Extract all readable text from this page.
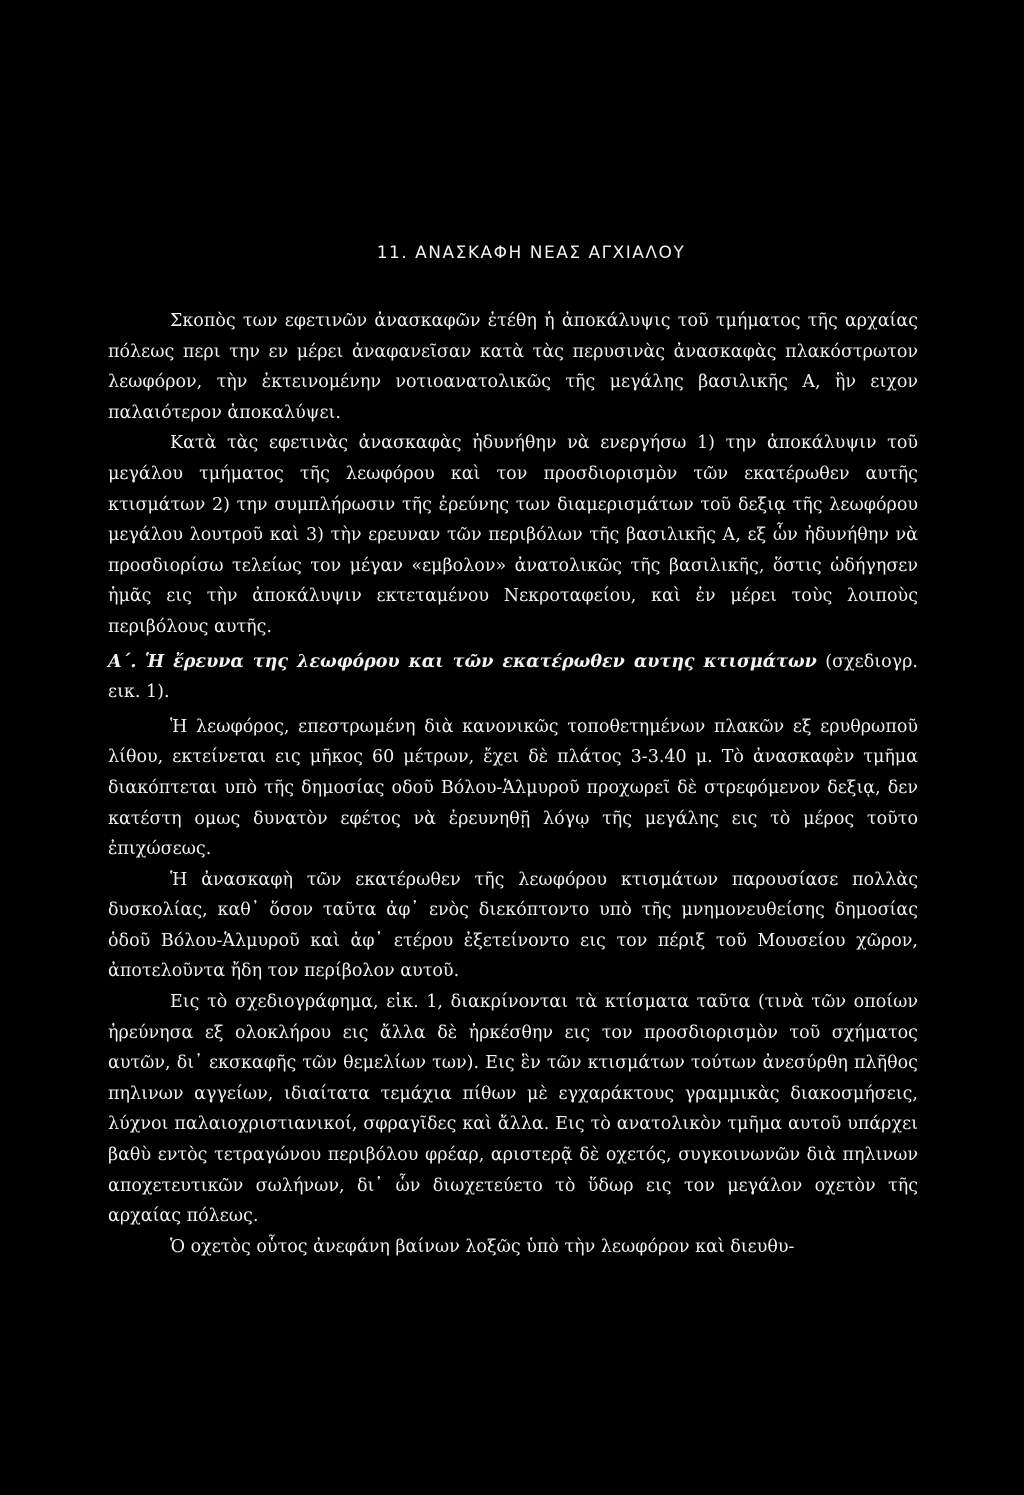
11. ΑΝΑΣΚΑΦΗ ΝΕΑΣ ΑΓΧΙΑΛΟΥ

Σκοπὸς των εφετινῶν ἀνασκαφῶν ἐτέθη ἡ ἀποκάλυψις τοῦ τμήματος τῆς αρχαίας πόλεως περι την εν μέρει ἀναφανεῖσαν κατὰ τὰς περυσινὰς ἀνασκαφὰς πλακόστρωτον λεωφόρον, τὴν ἐκτεινομένην νοτιοανατολικῶς τῆς μεγάλης βασιλικῆς Α, ἣν ειχον παλαιότερον ἀποκαλύψει.

Κατὰ τὰς εφετινὰς ἀνασκαφὰς ἠδυνήθην νὰ ενεργήσω 1) την ἀποκάλυψιν τοῦ μεγάλου τμήματος τῆς λεωφόρου καὶ τον προσδιορισμὸν τῶν εκατέρωθεν αυτῆς κτισμάτων 2) την συμπλήρωσιν τῆς ἐρεύνης των διαμερισμάτων τοῦ δεξιᾳ τῆς λεωφόρου μεγάλου λουτροῦ καὶ 3) τὴν ερευναν τῶν περιβόλων τῆς βασιλικῆς Α, εξ ὧν ἠδυνήθην νὰ προσδιορίσω τελείως τον μέγαν «εμβολον» ἀνατολικῶς τῆς βασιλικῆς, ὅστις ὡδήγησεν ἡμᾶς εις τὴν ἀποκάλυψιν εκτεταμένου Νεκροταφείου, καὶ ἐν μέρει τοὺς λοιποὺς περιβόλους αυτῆς.

Α΄. Ἡ ἔρευνα της λεωφόρου και τῶν εκατέρωθεν αυτης κτισμάτων (σχεδιογρ. εικ. 1).

Ἡ λεωφόρος, επεστρωμένη διὰ κανονικῶς τοποθετημένων πλακῶν εξ ερυθρωποῦ λίθου, εκτείνεται εις μῆκος 60 μέτρων, ἔχει δὲ πλάτος 3-3.40 μ. Τὸ ἀνασκαφὲν τμῆμα διακόπτεται υπὸ τῆς δημοσίας οδοῦ Βόλου-Ἁλμυροῦ προχωρεῖ δὲ στρεφόμενον δεξιᾳ, δεν κατέστη ομως δυνατὸν εφέτος νὰ ἐρευνηθῇ λόγῳ τῆς μεγάλης εις τὸ μέρος τοῦτο ἐπιχώσεως.

Ἡ ἀνασκαφὴ τῶν εκατέρωθεν τῆς λεωφόρου κτισμάτων παρουσίασε πολλὰς δυσκολίας, καθ᾽ ὅσον ταῦτα ἀφ᾽ ενὸς διεκόπτοντο υπὸ τῆς μνημονευθείσης δημοσίας ὁδοῦ Βόλου-Ἁλμυροῦ καὶ ἀφ᾽ ετέρου ἐξετείνοντο εις τον πέριξ τοῦ Μουσείου χῶρον, ἀποτελοῦντα ἤδη τον περίβολον αυτοῦ.

Εις τὸ σχεδιογράφημα, εἰκ. 1, διακρίνονται τὰ κτίσματα ταῦτα (τινὰ τῶν οποίων ἠρεύνησα εξ ολοκλήρου εις ἄλλα δὲ ἠρκέσθην εις τον προσδιορισμὸν τοῦ σχήματος αυτῶν, δι᾽ εκσκαφῆς τῶν θεμελίων των). Εις ἓν τῶν κτισμάτων τούτων ἀνεσύρθη πλῆθος πηλινων αγγείων, ιδιαίτατα τεμάχια πίθων μὲ εγχαράκτους γραμμικὰς διακοσμήσεις, λύχνοι παλαιοχριστιανικοί, σφραγῖδες καὶ ἄλλα. Εις τὸ ανατολικὸν τμῆμα αυτοῦ υπάρχει βαθὺ εντὸς τετραγώνου περιβόλου φρέαρ, αριστερᾷ δὲ οχετός, συγκοινωνῶν διὰ πηλινων αποχετευτικῶν σωλήνων, δι᾽ ὧν διωχετεύετο τὸ ὕδωρ εις τον μεγάλον οχετὸν τῆς αρχαίας πόλεως.

Ὁ οχετὸς οὗτος ἀνεφάνη βαίνων λοξῶς ὑπὸ τὴν λεωφόρον καὶ διευθυ-
